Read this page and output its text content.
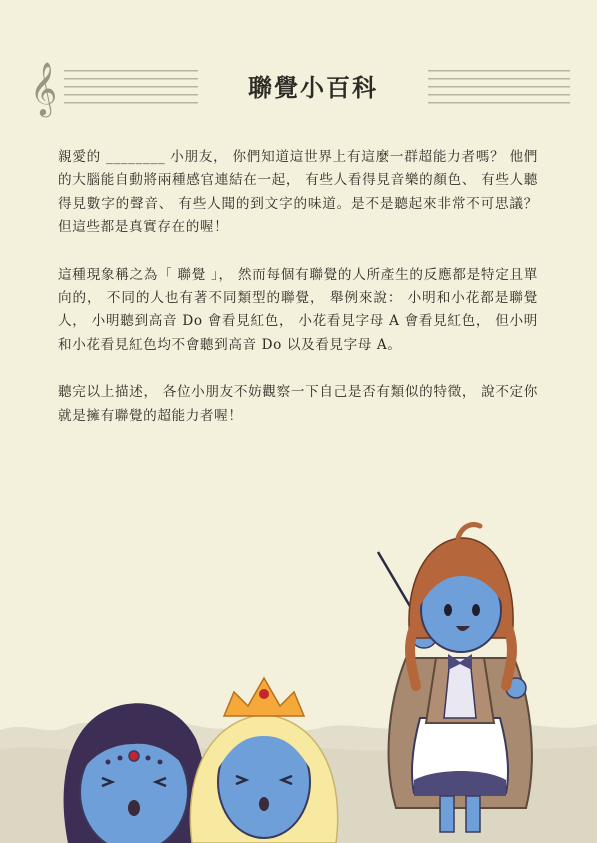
𝄞	聯覺小百科

親愛的 ________ 小朋友， 你們知道這世界上有這麼一群超能力者嗎？ 他們的大腦能自動將兩種感官連結在一起， 有些人看得見音樂的顏色、 有些人聽得見數字的聲音、 有些人聞的到文字的味道。是不是聽起來非常不可思議？ 但這些都是真實存在的喔！

這種現象稱之為「 聯覺 」， 然而每個有聯覺的人所產生的反應都是特定且單向的， 不同的人也有著不同類型的聯覺， 舉例來說： 小明和小花都是聯覺人， 小明聽到高音 Do 會看見紅色， 小花看見字母 A 會看見紅色， 但小明和小花看見紅色均不會聽到高音 Do 以及看見字母 A。

聽完以上描述， 各位小朋友不妨觀察一下自己是否有類似的特徵， 說不定你就是擁有聯覺的超能力者喔！
